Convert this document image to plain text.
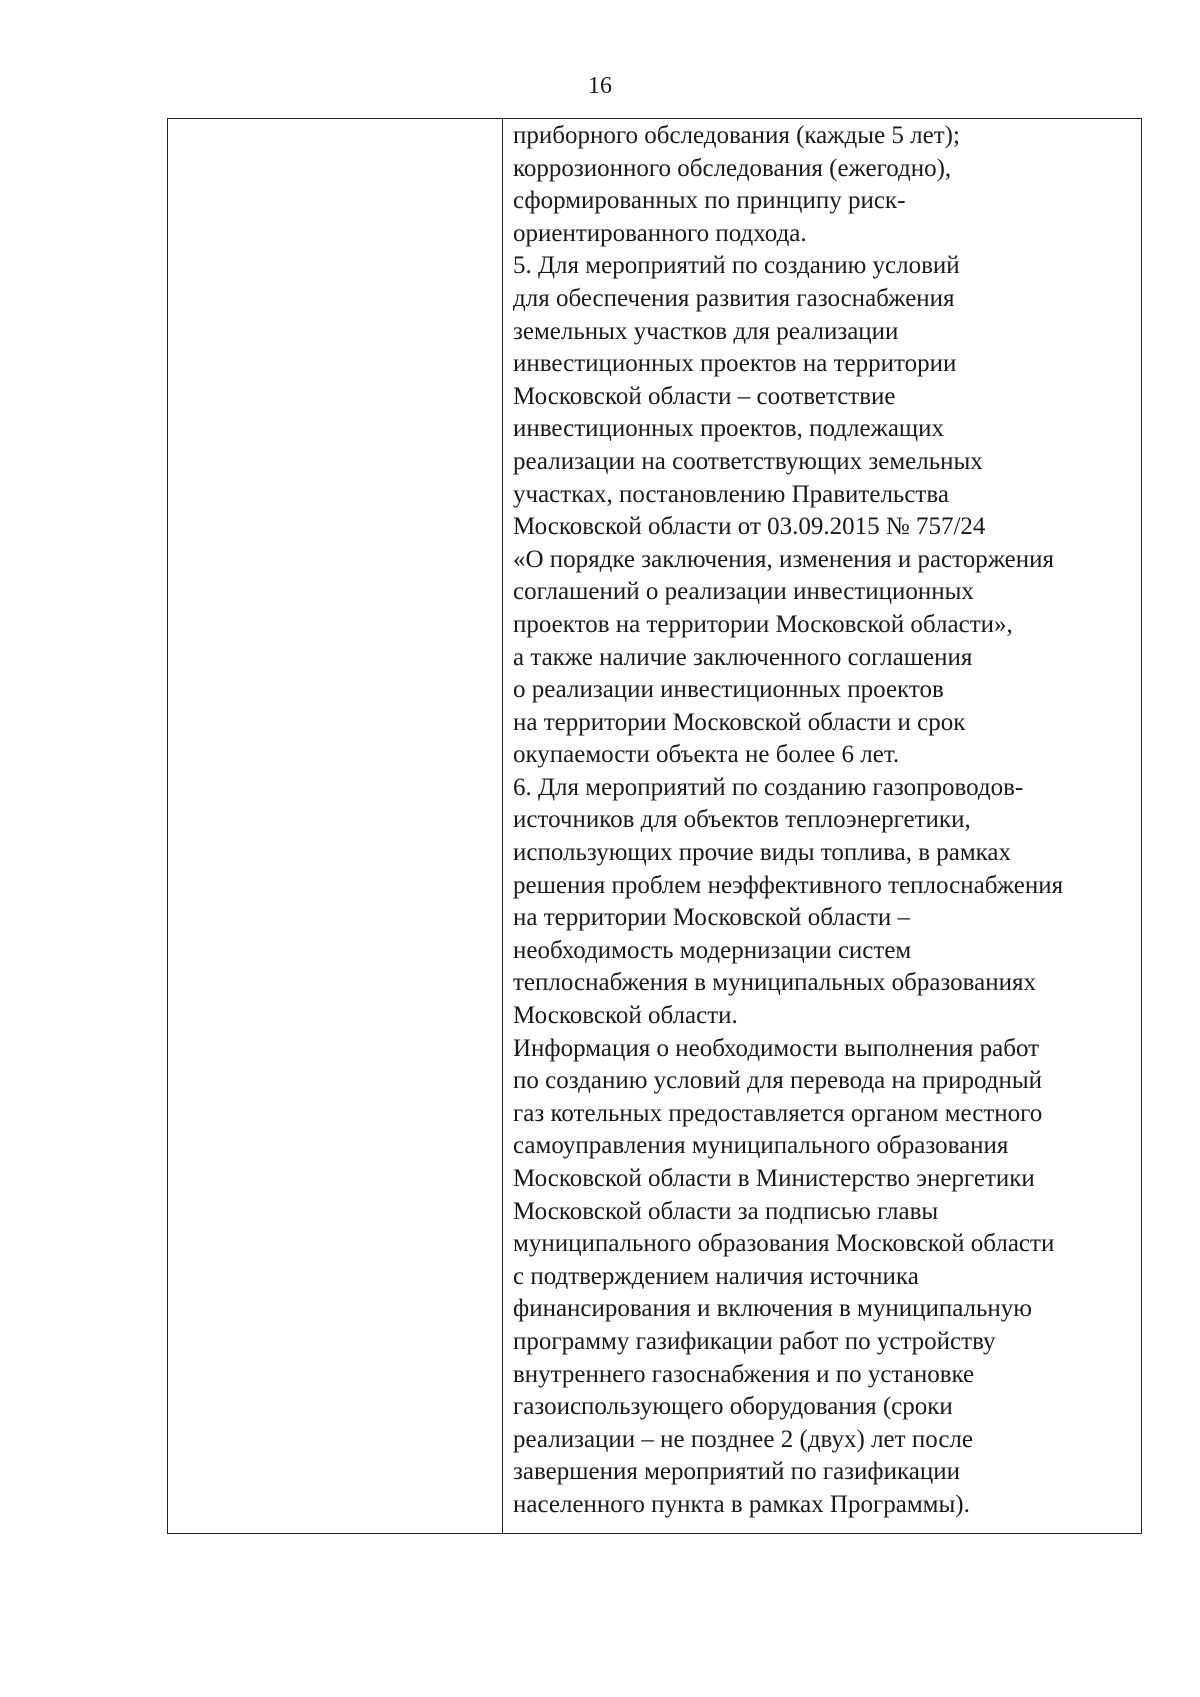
16
приборного обследования (каждые 5 лет);
коррозионного обследования (ежегодно),
сформированных по принципу риск-
ориентированного подхода.
5. Для мероприятий по созданию условий
для обеспечения развития газоснабжения
земельных участков для реализации
инвестиционных проектов на территории
Московской области – соответствие
инвестиционных проектов, подлежащих
реализации на соответствующих земельных
участках, постановлению Правительства
Московской области от 03.09.2015 № 757/24
«О порядке заключения, изменения и расторжения
соглашений о реализации инвестиционных
проектов на территории Московской области»,
а также наличие заключенного соглашения
о реализации инвестиционных проектов
на территории Московской области и срок
окупаемости объекта не более 6 лет.
6. Для мероприятий по созданию газопроводов-
источников для объектов теплоэнергетики,
использующих прочие виды топлива, в рамках
решения проблем неэффективного теплоснабжения
на территории Московской области –
необходимость модернизации систем
теплоснабжения в муниципальных образованиях
Московской области.
Информация о необходимости выполнения работ
по созданию условий для перевода на природный
газ котельных предоставляется органом местного
самоуправления муниципального образования
Московской области в Министерство энергетики
Московской области за подписью главы
муниципального образования Московской области
с подтверждением наличия источника
финансирования и включения в муниципальную
программу газификации работ по устройству
внутреннего газоснабжения и по установке
газоиспользующего оборудования (сроки
реализации – не позднее 2 (двух) лет после
завершения мероприятий по газификации
населенного пункта в рамках Программы).
